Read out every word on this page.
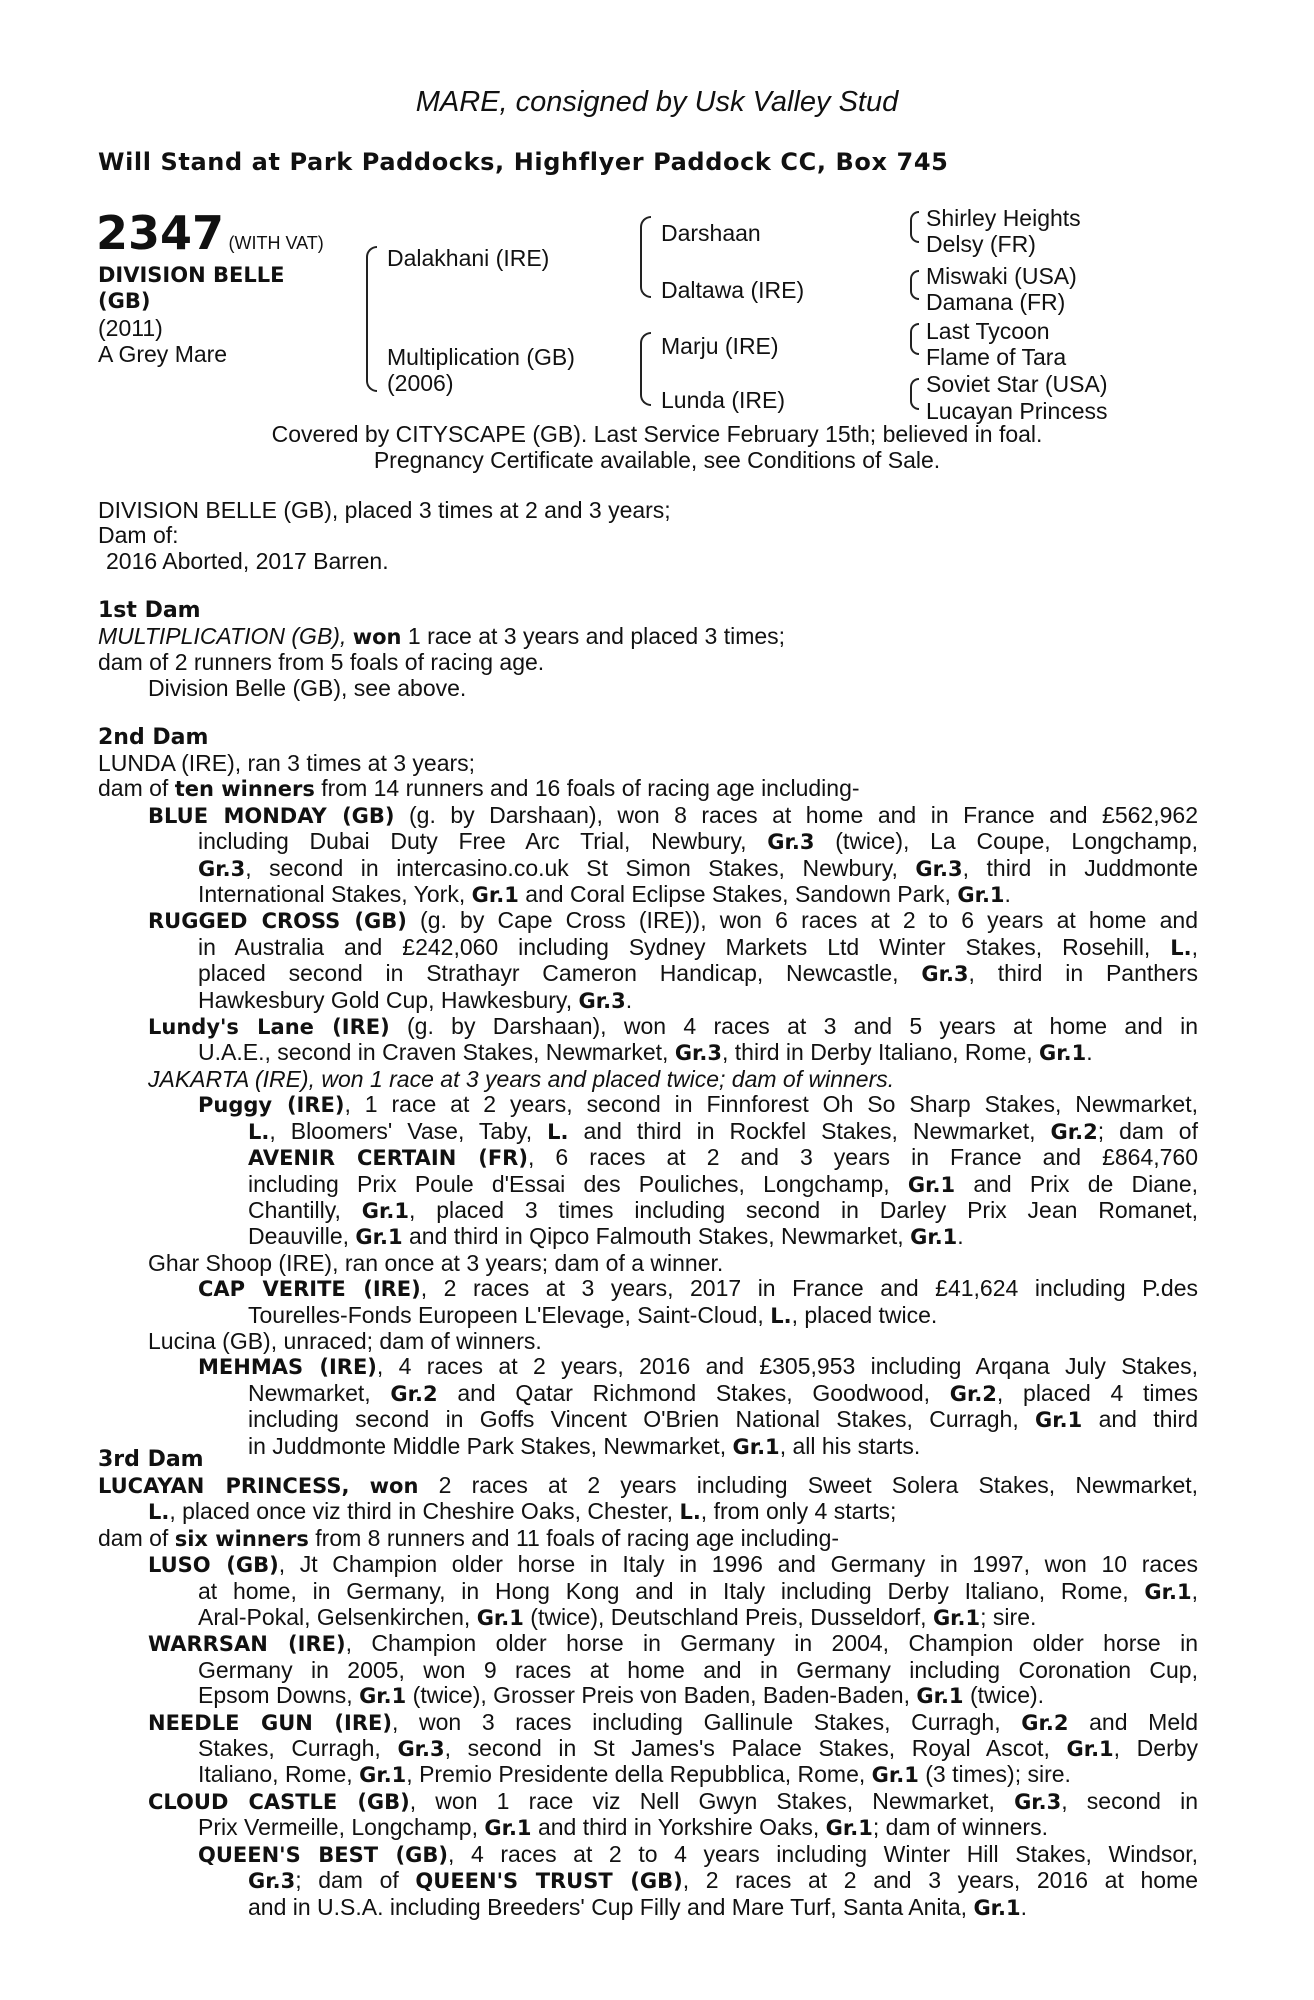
MARE, consigned by Usk Valley Stud
Will Stand at Park Paddocks, Highflyer Paddock CC, Box 745
2347 (WITH VAT)
DIVISION BELLE
(GB)
(2011)
A Grey Mare
Dalakhani (IRE)
Multiplication (GB)
(2006)
Darshaan
Daltawa (IRE)
Marju (IRE)
Lunda (IRE)
Shirley Heights
Delsy (FR)
Miswaki (USA)
Damana (FR)
Last Tycoon
Flame of Tara
Soviet Star (USA)
Lucayan Princess
Covered by CITYSCAPE (GB). Last Service February 15th; believed in foal.
Pregnancy Certificate available, see Conditions of Sale.
DIVISION BELLE (GB), placed 3 times at 2 and 3 years;
Dam of:
2016 Aborted, 2017 Barren.
1st Dam
MULTIPLICATION (GB), won 1 race at 3 years and placed 3 times;
dam of 2 runners from 5 foals of racing age.
Division Belle (GB), see above.
2nd Dam
LUNDA (IRE), ran 3 times at 3 years;
dam of ten winners from 14 runners and 16 foals of racing age including-
BLUE MONDAY (GB) (g. by Darshaan), won 8 races at home and in France and £562,962
including Dubai Duty Free Arc Trial, Newbury, Gr.3 (twice), La Coupe, Longchamp,
Gr.3, second in intercasino.co.uk St Simon Stakes, Newbury, Gr.3, third in Juddmonte
International Stakes, York, Gr.1 and Coral Eclipse Stakes, Sandown Park, Gr.1.
RUGGED CROSS (GB) (g. by Cape Cross (IRE)), won 6 races at 2 to 6 years at home and
in Australia and £242,060 including Sydney Markets Ltd Winter Stakes, Rosehill, L.,
placed second in Strathayr Cameron Handicap, Newcastle, Gr.3, third in Panthers
Hawkesbury Gold Cup, Hawkesbury, Gr.3.
Lundy's Lane (IRE) (g. by Darshaan), won 4 races at 3 and 5 years at home and in
U.A.E., second in Craven Stakes, Newmarket, Gr.3, third in Derby Italiano, Rome, Gr.1.
JAKARTA (IRE), won 1 race at 3 years and placed twice; dam of winners.
Puggy (IRE), 1 race at 2 years, second in Finnforest Oh So Sharp Stakes, Newmarket,
L., Bloomers' Vase, Taby, L. and third in Rockfel Stakes, Newmarket, Gr.2; dam of
AVENIR CERTAIN (FR), 6 races at 2 and 3 years in France and £864,760
including Prix Poule d'Essai des Pouliches, Longchamp, Gr.1 and Prix de Diane,
Chantilly, Gr.1, placed 3 times including second in Darley Prix Jean Romanet,
Deauville, Gr.1 and third in Qipco Falmouth Stakes, Newmarket, Gr.1.
Ghar Shoop (IRE), ran once at 3 years; dam of a winner.
CAP VERITE (IRE), 2 races at 3 years, 2017 in France and £41,624 including P.des
Tourelles-Fonds Europeen L'Elevage, Saint-Cloud, L., placed twice.
Lucina (GB), unraced; dam of winners.
MEHMAS (IRE), 4 races at 2 years, 2016 and £305,953 including Arqana July Stakes,
Newmarket, Gr.2 and Qatar Richmond Stakes, Goodwood, Gr.2, placed 4 times
including second in Goffs Vincent O'Brien National Stakes, Curragh, Gr.1 and third
in Juddmonte Middle Park Stakes, Newmarket, Gr.1, all his starts.
3rd Dam
LUCAYAN PRINCESS, won 2 races at 2 years including Sweet Solera Stakes, Newmarket,
L., placed once viz third in Cheshire Oaks, Chester, L., from only 4 starts;
dam of six winners from 8 runners and 11 foals of racing age including-
LUSO (GB), Jt Champion older horse in Italy in 1996 and Germany in 1997, won 10 races
at home, in Germany, in Hong Kong and in Italy including Derby Italiano, Rome, Gr.1,
Aral-Pokal, Gelsenkirchen, Gr.1 (twice), Deutschland Preis, Dusseldorf, Gr.1; sire.
WARRSAN (IRE), Champion older horse in Germany in 2004, Champion older horse in
Germany in 2005, won 9 races at home and in Germany including Coronation Cup,
Epsom Downs, Gr.1 (twice), Grosser Preis von Baden, Baden-Baden, Gr.1 (twice).
NEEDLE GUN (IRE), won 3 races including Gallinule Stakes, Curragh, Gr.2 and Meld
Stakes, Curragh, Gr.3, second in St James's Palace Stakes, Royal Ascot, Gr.1, Derby
Italiano, Rome, Gr.1, Premio Presidente della Repubblica, Rome, Gr.1 (3 times); sire.
CLOUD CASTLE (GB), won 1 race viz Nell Gwyn Stakes, Newmarket, Gr.3, second in
Prix Vermeille, Longchamp, Gr.1 and third in Yorkshire Oaks, Gr.1; dam of winners.
QUEEN'S BEST (GB), 4 races at 2 to 4 years including Winter Hill Stakes, Windsor,
Gr.3; dam of QUEEN'S TRUST (GB), 2 races at 2 and 3 years, 2016 at home
and in U.S.A. including Breeders' Cup Filly and Mare Turf, Santa Anita, Gr.1.
